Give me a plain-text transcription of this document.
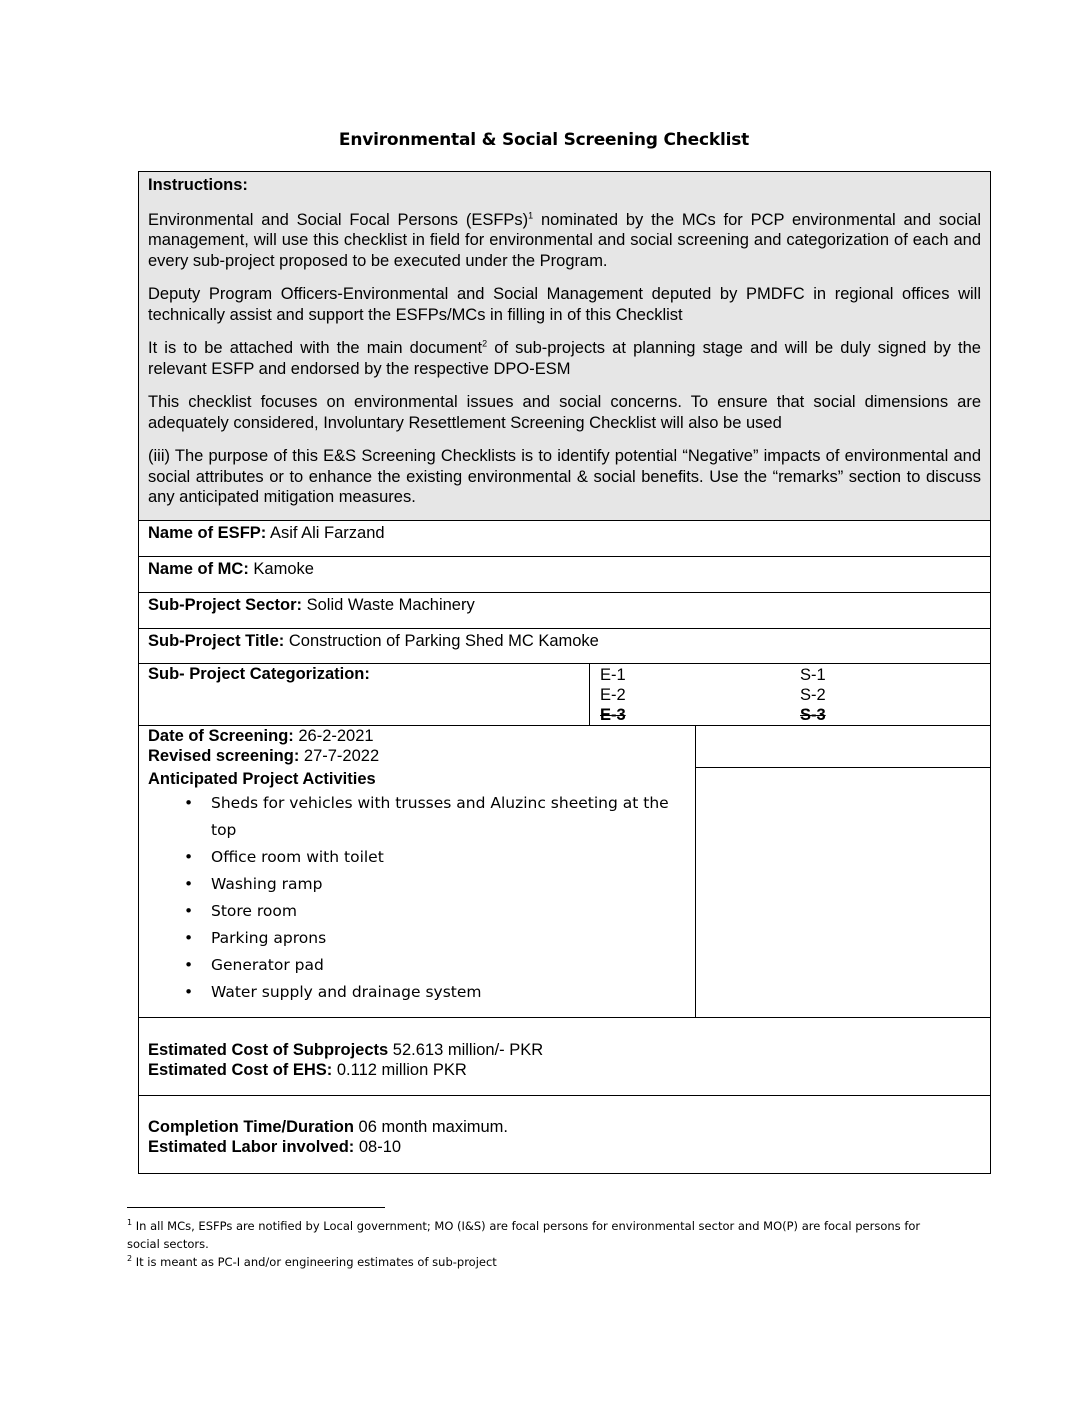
Environmental & Social Screening Checklist
Instructions:

Environmental and Social Focal Persons (ESFPs)$^1$ nominated by the MCs for PCP environmental and social management, will use this checklist in field for environmental and social screening and categorization of each and every sub-project proposed to be executed under the Program.

Deputy Program Officers-Environmental and Social Management deputed by PMDFC in regional offices will technically assist and support the ESFPs/MCs in filling in of this Checklist

It is to be attached with the main document$^2$ of sub-projects at planning stage and will be duly signed by the relevant ESFP and endorsed by the respective DPO-ESM

This checklist focuses on environmental issues and social concerns. To ensure that social dimensions are adequately considered, Involuntary Resettlement Screening Checklist will also be used

(iii) The purpose of this E&S Screening Checklists is to identify potential “Negative” impacts of environmental and social attributes or to enhance the existing environmental & social benefits. Use the “remarks” section to discuss any anticipated mitigation measures.

Name of ESFP: Asif Ali Farzand
Name of MC: Kamoke
Sub-Project Sector: Solid Waste Machinery
Sub-Project Title: Construction of Parking Shed MC Kamoke
Sub- Project Categorization:	E-1
E-2
E-3
S-1
S-2
S-3
Date of Screening: 26-2-2021
Revised screening: 27-7-2022
Anticipated Project Activities
• Sheds for vehicles with trusses and Aluzinc sheeting at the top
• Office room with toilet
• Washing ramp
• Store room
• Parking aprons
• Generator pad
• Water supply and drainage system
Estimated Cost of Subprojects 52.613 million/- PKR
Estimated Cost of EHS: 0.112 million PKR
Completion Time/Duration 06 month maximum.
Estimated Labor involved: 08-10
$^1$ In all MCs, ESFPs are notified by Local government; MO (I&S) are focal persons for environmental sector and MO(P) are focal persons for social sectors.
$^2$ It is meant as PC-I and/or engineering estimates of sub-project
